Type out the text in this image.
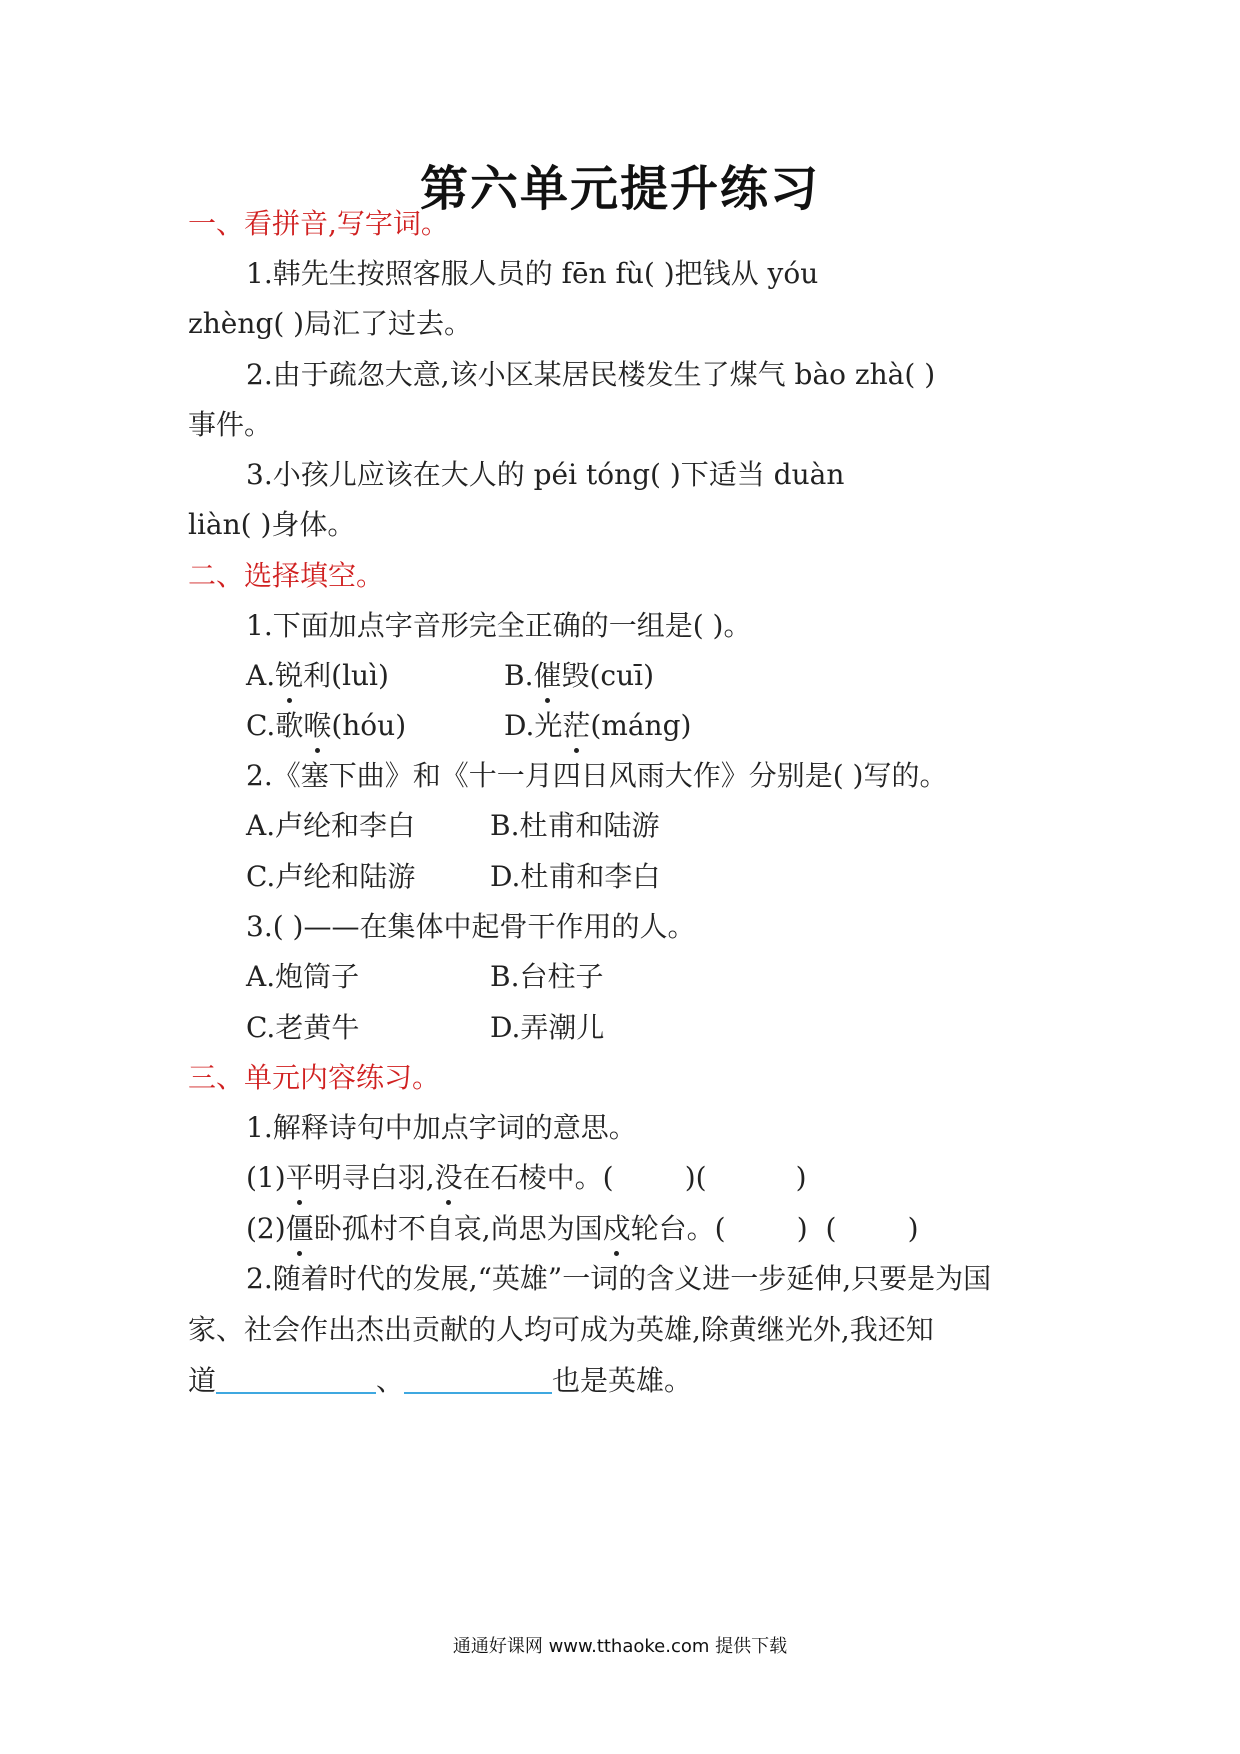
第六单元提升练习
一、看拼音,写字词。
1.韩先生按照客服人员的 fēn fù( )把钱从 yóu
zhèng( )局汇了过去。
2.由于疏忽大意,该小区某居民楼发生了煤气 bào zhà( )
事件。
3.小孩儿应该在大人的 péi tóng( )下适当 duàn
liàn( )身体。
二、选择填空。
1.下面加点字音形完全正确的一组是( )。
A.锐利(luì)	B.催毁(cuī)
C.歌喉(hóu)	D.光茫(máng)
2.《塞下曲》和《十一月四日风雨大作》分别是( )写的。
A.卢纶和李白	B.杜甫和陆游
C.卢纶和陆游	D.杜甫和李白
3.( )——在集体中起骨干作用的人。
A.炮筒子	B.台柱子
C.老黄牛	D.弄潮儿
三、单元内容练习。
1.解释诗句中加点字词的意思。
(1)平明寻白羽,没在石棱中。(	)(          )
(2)僵卧孤村不自哀,尚思为国戍轮台。(	)  (        )
2.随着时代的发展,“英雄”一词的含义进一步延伸,只要是为国
家、社会作出杰出贡献的人均可成为英雄,除黄继光外,我还知
道	、	也是英雄。
通通好课网 www.tthaoke.com 提供下载
